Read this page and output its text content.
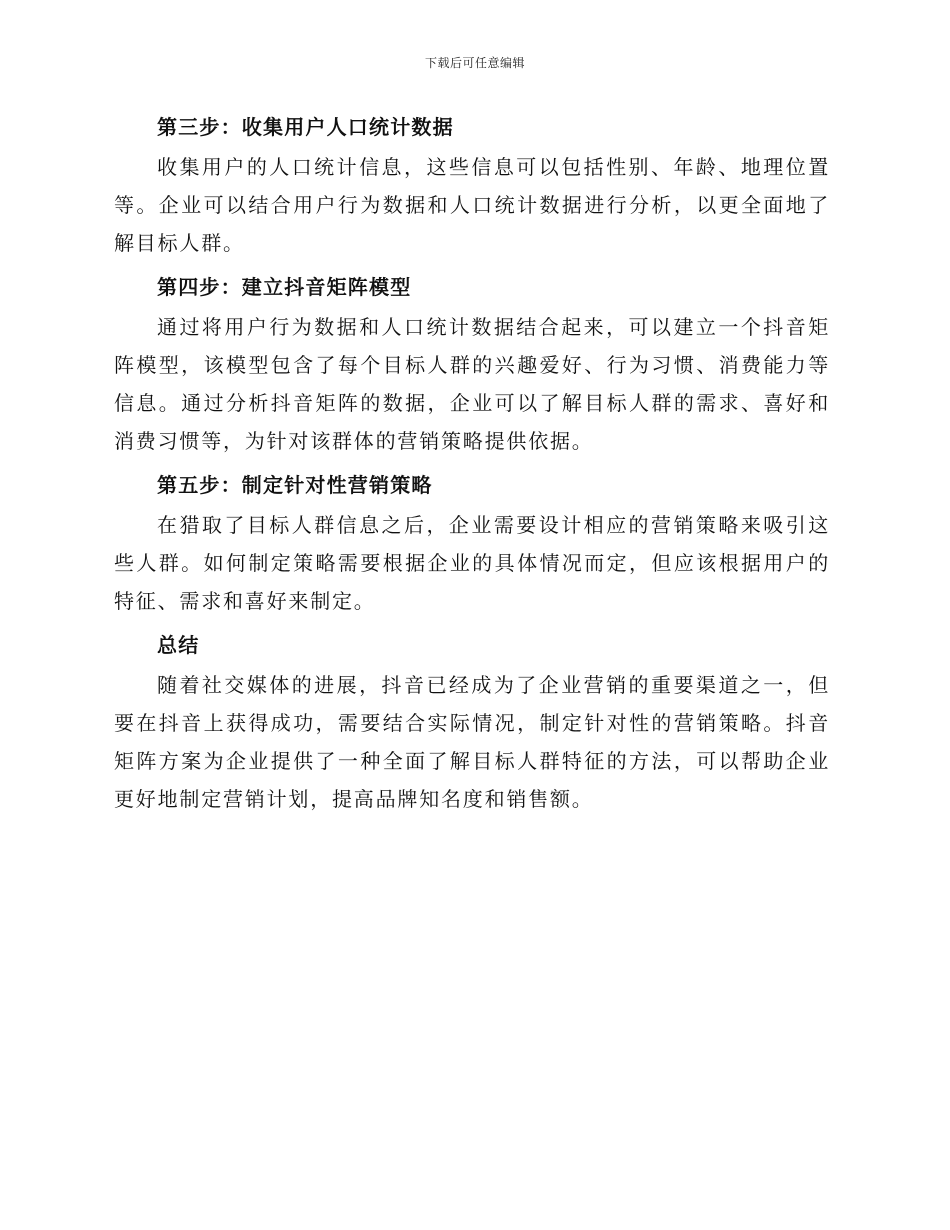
下载后可任意编辑
第三步：收集用户人口统计数据

收集用户的人口统计信息，这些信息可以包括性别、年龄、地理位置等。企业可以结合用户行为数据和人口统计数据进行分析，以更全面地了解目标人群。

第四步：建立抖音矩阵模型

通过将用户行为数据和人口统计数据结合起来，可以建立一个抖音矩阵模型，该模型包含了每个目标人群的兴趣爱好、行为习惯、消费能力等信息。通过分析抖音矩阵的数据，企业可以了解目标人群的需求、喜好和消费习惯等，为针对该群体的营销策略提供依据。

第五步：制定针对性营销策略

在猎取了目标人群信息之后，企业需要设计相应的营销策略来吸引这些人群。如何制定策略需要根据企业的具体情况而定，但应该根据用户的特征、需求和喜好来制定。

总结

随着社交媒体的进展，抖音已经成为了企业营销的重要渠道之一，但要在抖音上获得成功，需要结合实际情况，制定针对性的营销策略。抖音矩阵方案为企业提供了一种全面了解目标人群特征的方法，可以帮助企业更好地制定营销计划，提高品牌知名度和销售额。
